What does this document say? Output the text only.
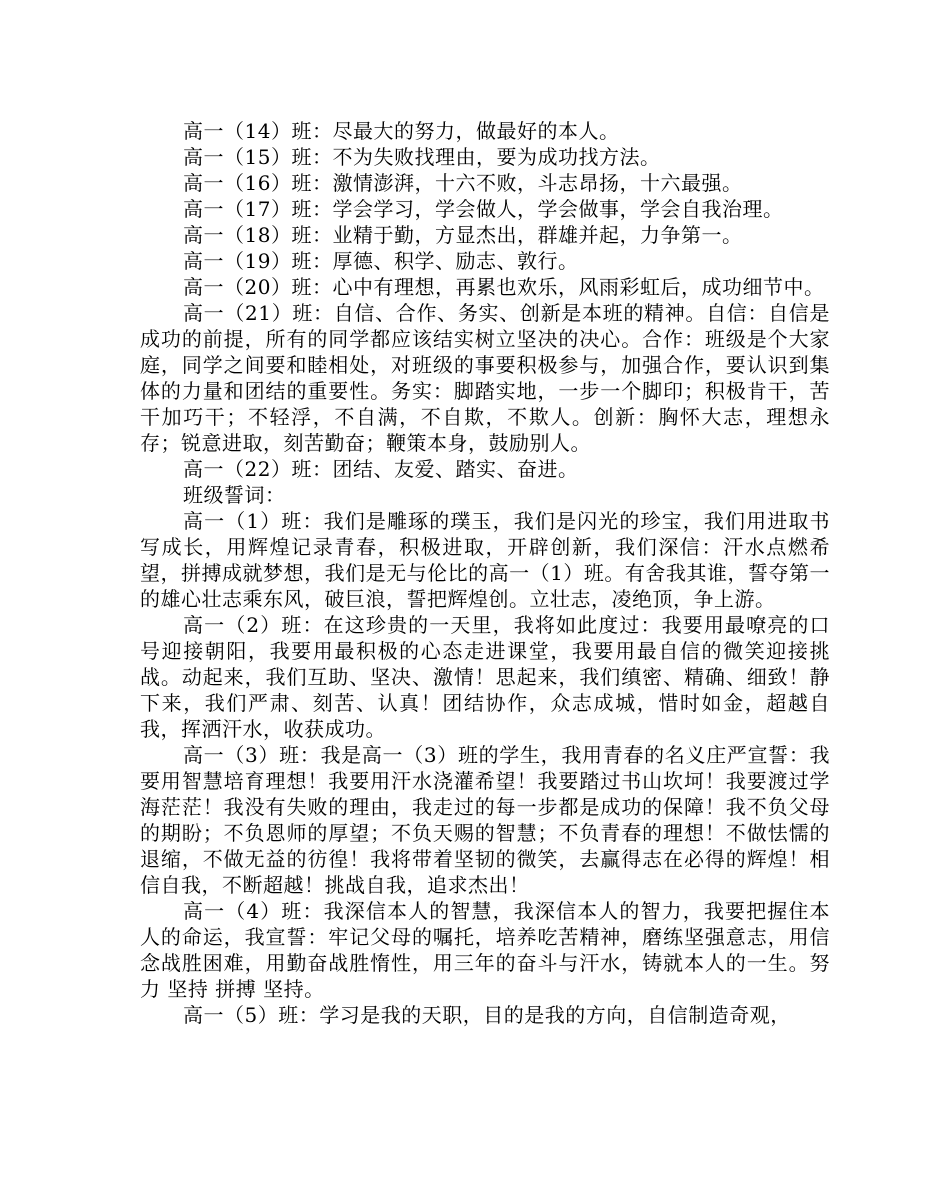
高一（14）班：尽最大的努力，做最好的本人。

高一（15）班：不为失败找理由，要为成功找方法。

高一（16）班：激情澎湃，十六不败，斗志昂扬，十六最强。

高一（17）班：学会学习，学会做人，学会做事，学会自我治理。

高一（18）班：业精于勤，方显杰出，群雄并起，力争第一。

高一（19）班：厚德、积学、励志、敦行。

高一（20）班：心中有理想，再累也欢乐，风雨彩虹后，成功细节中。

高一（21）班：自信、合作、务实、创新是本班的精神。自信：自信是成功的前提，所有的同学都应该结实树立坚决的决心。合作：班级是个大家庭，同学之间要和睦相处，对班级的事要积极参与，加强合作，要认识到集体的力量和团结的重要性。务实：脚踏实地，一步一个脚印；积极肯干，苦干加巧干；不轻浮，不自满，不自欺，不欺人。创新：胸怀大志，理想永存；锐意进取，刻苦勤奋；鞭策本身，鼓励别人。

高一（22）班：团结、友爱、踏实、奋进。

班级誓词：

高一（1）班：我们是雕琢的璞玉，我们是闪光的珍宝，我们用进取书写成长，用辉煌记录青春，积极进取，开辟创新，我们深信：汗水点燃希望，拼搏成就梦想，我们是无与伦比的高一（1）班。有舍我其谁，誓夺第一的雄心壮志乘东风，破巨浪，誓把辉煌创。立壮志，凌绝顶，争上游。

高一（2）班：在这珍贵的一天里，我将如此度过：我要用最嘹亮的口号迎接朝阳，我要用最积极的心态走进课堂，我要用最自信的微笑迎接挑战。动起来，我们互助、坚决、激情！思起来，我们缜密、精确、细致！静下来，我们严肃、刻苦、认真！团结协作，众志成城，惜时如金，超越自我，挥洒汗水，收获成功。

高一（3）班：我是高一（3）班的学生，我用青春的名义庄严宣誓：我要用智慧培育理想！我要用汗水浇灌希望！我要踏过书山坎坷！我要渡过学海茫茫！我没有失败的理由，我走过的每一步都是成功的保障！我不负父母的期盼；不负恩师的厚望；不负天赐的智慧；不负青春的理想！不做怯懦的退缩，不做无益的彷徨！我将带着坚韧的微笑，去赢得志在必得的辉煌！相信自我，不断超越！挑战自我，追求杰出！

高一（4）班：我深信本人的智慧，我深信本人的智力，我要把握住本人的命运，我宣誓：牢记父母的嘱托，培养吃苦精神，磨练坚强意志，用信念战胜困难，用勤奋战胜惰性，用三年的奋斗与汗水，铸就本人的一生。努力 坚持 拼搏 坚持。

高一（5）班：学习是我的天职，目的是我的方向，自信制造奇观，
